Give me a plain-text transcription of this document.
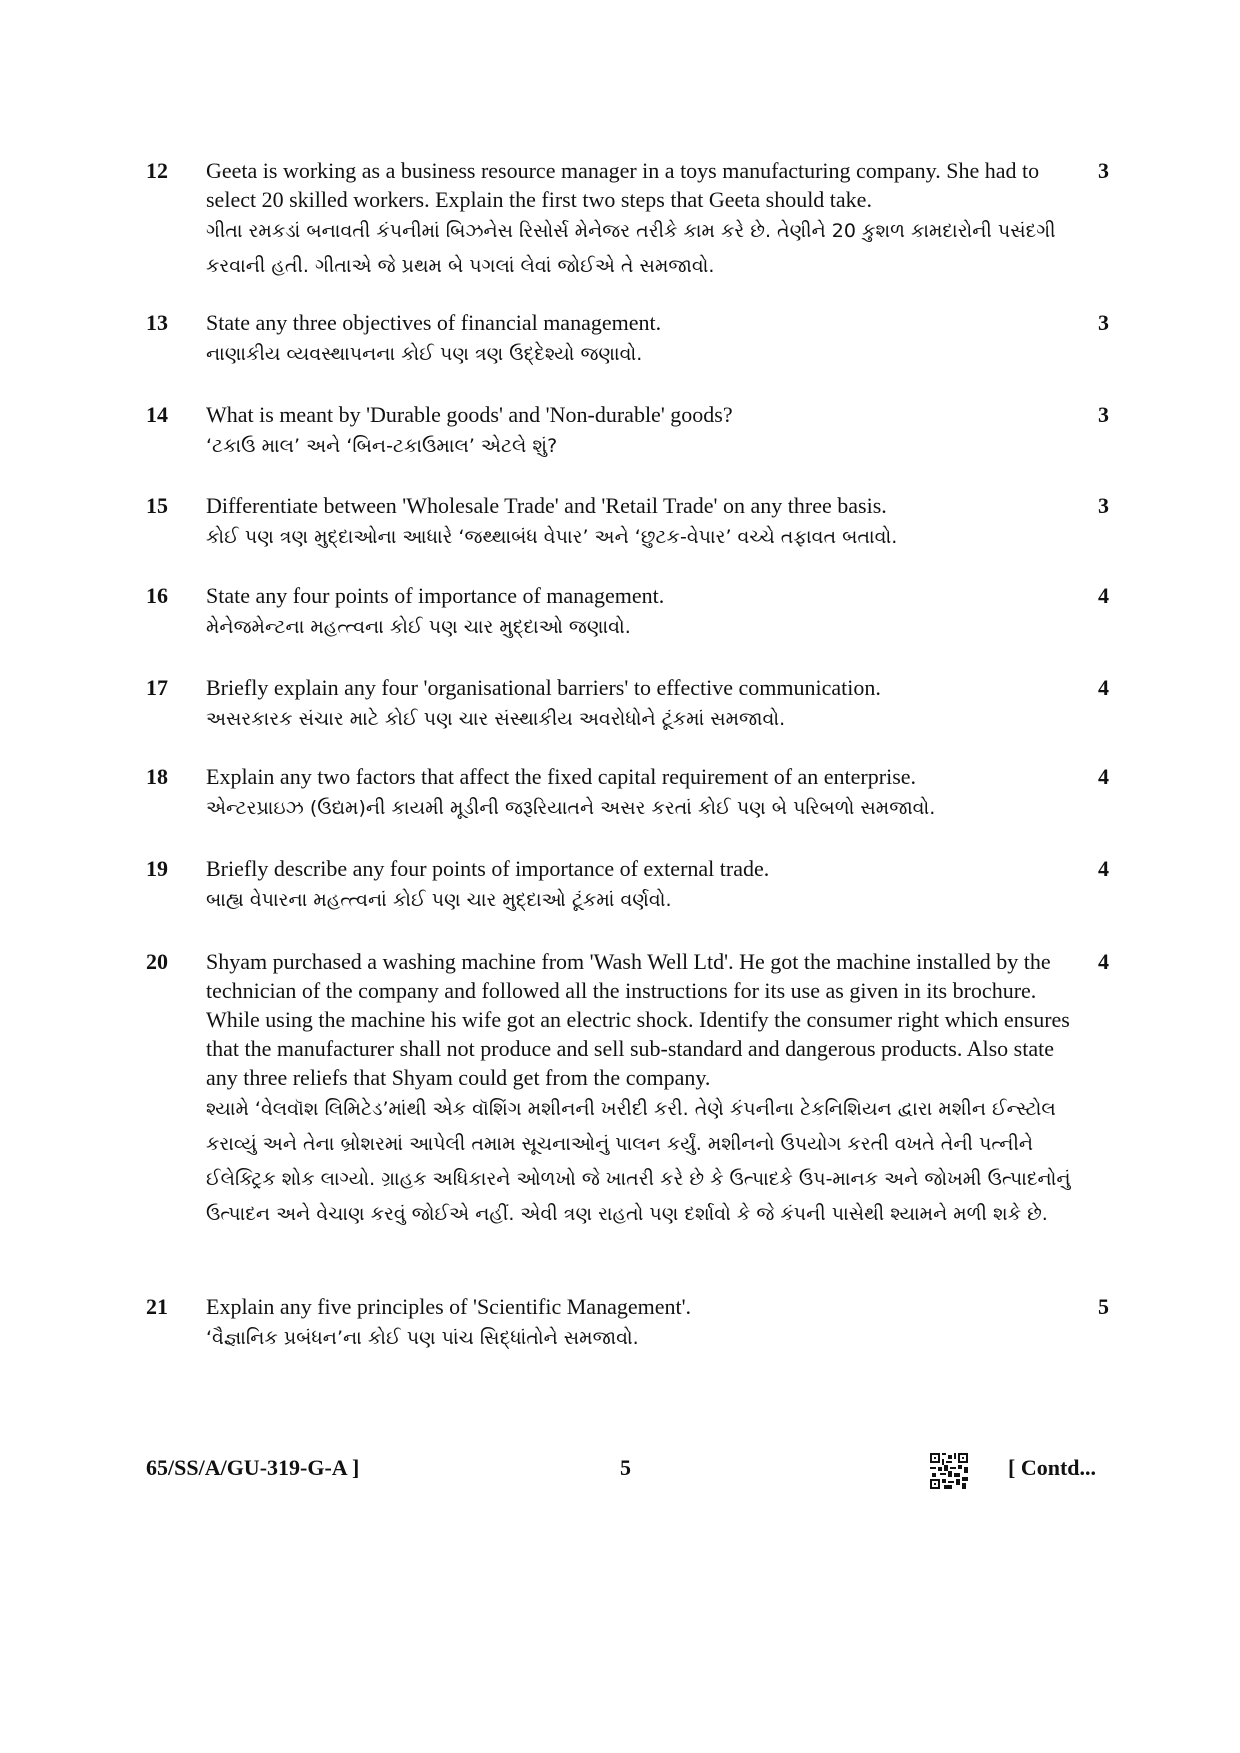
12 Geeta is working as a business resource manager in a toys manufacturing company. She had to select 20 skilled workers. Explain the first two steps that Geeta should take.
ગીતા રમકડાં બનાવતી કંપનીમાં બિઝનેસ રિસોર્સ મેનેજર તરીકે કામ કરે છે. તેણીને 20 કુશળ કામદારોની પસંદગી કરવાની હતી. ગીતાએ જે પ્રથમ બે પગલાં લેવાં જોઈએ તે સમજાવો.
3
13 State any three objectives of financial management.
નાણાકીય વ્યવસ્થાપનના કોઈ પણ ત્રણ ઉદ્દેશ્યો જણાવો.
3
14 What is meant by 'Durable goods' and 'Non-durable' goods?
‘ટકાઉ માલ’ અને ‘બિન-ટકાઉમાલ’ એટલે શું?
3
15 Differentiate between 'Wholesale Trade' and 'Retail Trade' on any three basis.
કોઈ પણ ત્રણ મુદ્દાઓના આધારે ‘જથ્થાબંધ વેપાર’ અને ‘છુટક-વેપાર’ વચ્ચે તફાવત બતાવો.
3
16 State any four points of importance of management.
મેનેજમેન્ટના મહત્ત્વના કોઈ પણ ચાર મુદ્દાઓ જણાવો.
4
17 Briefly explain any four 'organisational barriers' to effective communication.
અસરકારક સંચાર માટે કોઈ પણ ચાર સંસ્થાકીય અવરોધોને ટૂંકમાં સમજાવો.
4
18 Explain any two factors that affect the fixed capital requirement of an enterprise.
એન્ટરપ્રાઇઝ (ઉદ્યમ)ની કાયમી મૂડીની જરૂરિયાતને અસર કરતાં કોઈ પણ બે પરિબળો સમજાવો.
4
19 Briefly describe any four points of importance of external trade.
બાહ્ય વેપારના મહત્ત્વનાં કોઈ પણ ચાર મુદ્દાઓ ટૂંકમાં વર્ણવો.
4
20 Shyam purchased a washing machine from 'Wash Well Ltd'. He got the machine installed by the technician of the company and followed all the instructions for its use as given in its brochure. While using the machine his wife got an electric shock. Identify the consumer right which ensures that the manufacturer shall not produce and sell sub-standard and dangerous products. Also state any three reliefs that Shyam could get from the company.
શ્યામે ‘વેલવૉશ લિમિટેડ’માંથી એક વૉશિંગ મશીનની ખરીદી કરી. તેણે કંપનીના ટેકનિશિયન દ્વારા મશીન ઈન્સ્ટોલ કરાવ્યું અને તેના બ્રોશરમાં આપેલી તમામ સૂચનાઓનું પાલન કર્યું. મશીનનો ઉપયોગ કરતી વખતે તેની પત્નીને ઈલેક્ટ્રિક શોક લાગ્યો. ગ્રાહક અધિકારને ઓળખો જે ખાતરી કરે છે કે ઉત્પાદકે ઉપ-માનક અને જોખમી ઉત્પાદનોનું ઉત્પાદન અને વેચાણ કરવું જોઈએ નહીં. એવી ત્રણ રાહતો પણ દર્શાવો કે જે કંપની પાસેથી શ્યામને મળી શકે છે.
4
21 Explain any five principles of 'Scientific Management'.
‘વૈજ્ઞાનિક પ્રબંધન’ના કોઈ પણ પાંચ સિદ્ધાંતોને સમજાવો.
5
65/SS/A/GU-319-G-A ]	5	[ Contd...
